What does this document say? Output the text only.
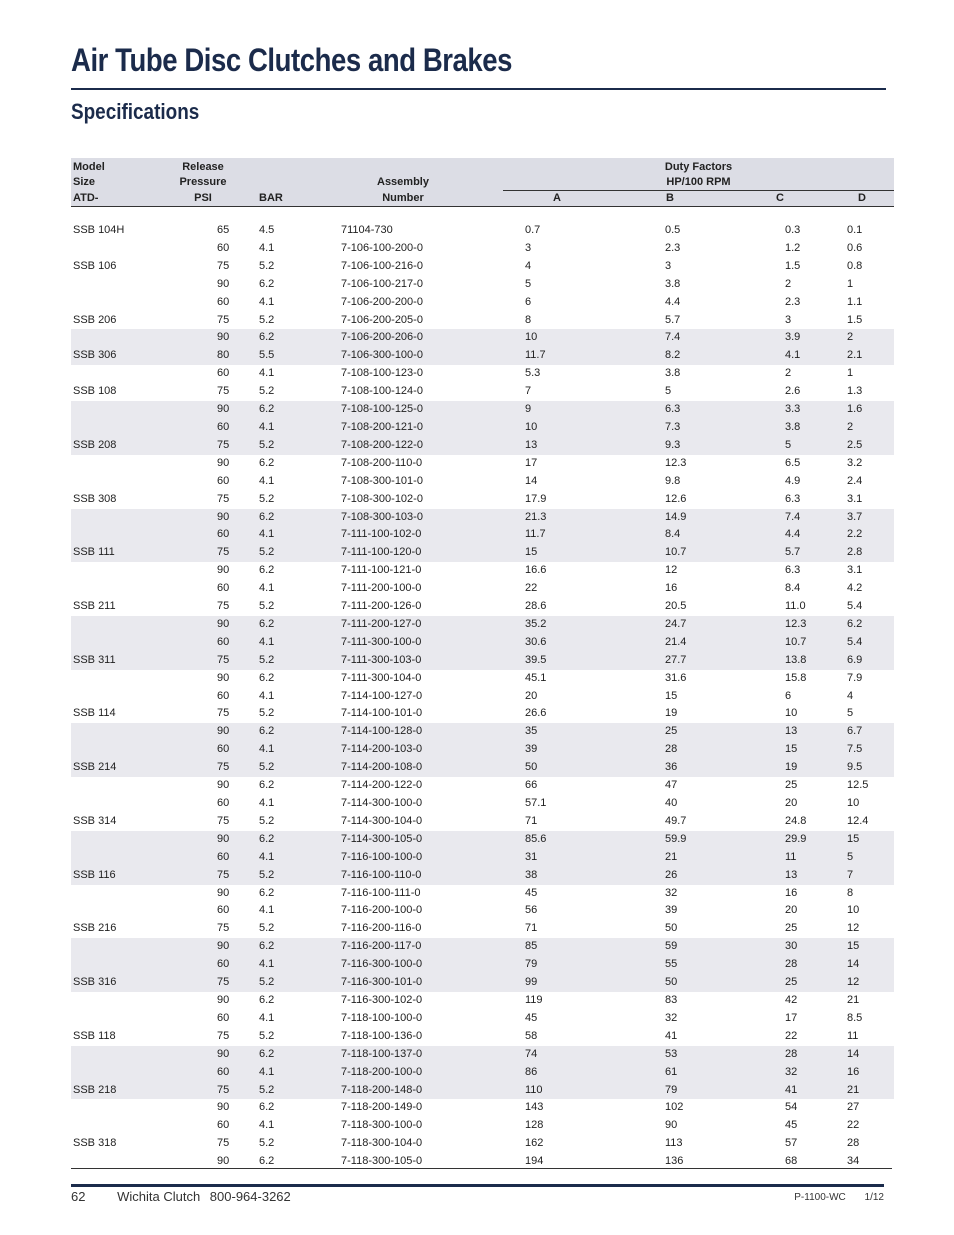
Air Tube Disc Clutches and Brakes
Specifications
Model	Release			Duty Factors			
Size	Pressure		Assembly	HP/100 RPM			
ATD-	PSI	BAR	Number	A	B	C	D

SSB 104H	65	4.5	71104-730	0.7	0.5	0.3	0.1
	60	4.1	7-106-100-200-0	3	2.3	1.2	0.6
SSB 106	75	5.2	7-106-100-216-0	4	3	1.5	0.8
	90	6.2	7-106-100-217-0	5	3.8	2	1
	60	4.1	7-106-200-200-0	6	4.4	2.3	1.1
SSB 206	75	5.2	7-106-200-205-0	8	5.7	3	1.5
	90	6.2	7-106-200-206-0	10	7.4	3.9	2
SSB 306	80	5.5	7-106-300-100-0	11.7	8.2	4.1	2.1
	60	4.1	7-108-100-123-0	5.3	3.8	2	1
SSB 108	75	5.2	7-108-100-124-0	7	5	2.6	1.3
	90	6.2	7-108-100-125-0	9	6.3	3.3	1.6
	60	4.1	7-108-200-121-0	10	7.3	3.8	2
SSB 208	75	5.2	7-108-200-122-0	13	9.3	5	2.5
	90	6.2	7-108-200-110-0	17	12.3	6.5	3.2
	60	4.1	7-108-300-101-0	14	9.8	4.9	2.4
SSB 308	75	5.2	7-108-300-102-0	17.9	12.6	6.3	3.1
	90	6.2	7-108-300-103-0	21.3	14.9	7.4	3.7
	60	4.1	7-111-100-102-0	11.7	8.4	4.4	2.2
SSB 111	75	5.2	7-111-100-120-0	15	10.7	5.7	2.8
	90	6.2	7-111-100-121-0	16.6	12	6.3	3.1
	60	4.1	7-111-200-100-0	22	16	8.4	4.2
SSB 211	75	5.2	7-111-200-126-0	28.6	20.5	11.0	5.4
	90	6.2	7-111-200-127-0	35.2	24.7	12.3	6.2
	60	4.1	7-111-300-100-0	30.6	21.4	10.7	5.4
SSB 311	75	5.2	7-111-300-103-0	39.5	27.7	13.8	6.9
	90	6.2	7-111-300-104-0	45.1	31.6	15.8	7.9
	60	4.1	7-114-100-127-0	20	15	6	4
SSB 114	75	5.2	7-114-100-101-0	26.6	19	10	5
	90	6.2	7-114-100-128-0	35	25	13	6.7
	60	4.1	7-114-200-103-0	39	28	15	7.5
SSB 214	75	5.2	7-114-200-108-0	50	36	19	9.5
	90	6.2	7-114-200-122-0	66	47	25	12.5
	60	4.1	7-114-300-100-0	57.1	40	20	10
SSB 314	75	5.2	7-114-300-104-0	71	49.7	24.8	12.4
	90	6.2	7-114-300-105-0	85.6	59.9	29.9	15
	60	4.1	7-116-100-100-0	31	21	11	5
SSB 116	75	5.2	7-116-100-110-0	38	26	13	7
	90	6.2	7-116-100-111-0	45	32	16	8
	60	4.1	7-116-200-100-0	56	39	20	10
SSB 216	75	5.2	7-116-200-116-0	71	50	25	12
	90	6.2	7-116-200-117-0	85	59	30	15
	60	4.1	7-116-300-100-0	79	55	28	14
SSB 316	75	5.2	7-116-300-101-0	99	50	25	12
	90	6.2	7-116-300-102-0	119	83	42	21
	60	4.1	7-118-100-100-0	45	32	17	8.5
SSB 118	75	5.2	7-118-100-136-0	58	41	22	11
	90	6.2	7-118-100-137-0	74	53	28	14
	60	4.1	7-118-200-100-0	86	61	32	16
SSB 218	75	5.2	7-118-200-148-0	110	79	41	21
	90	6.2	7-118-200-149-0	143	102	54	27
	60	4.1	7-118-300-100-0	128	90	45	22
SSB 318	75	5.2	7-118-300-104-0	162	113	57	28
	90	6.2	7-118-300-105-0	194	136	68	34
62 Wichita Clutch 800-964-3262	P-1100-WC 1/12
